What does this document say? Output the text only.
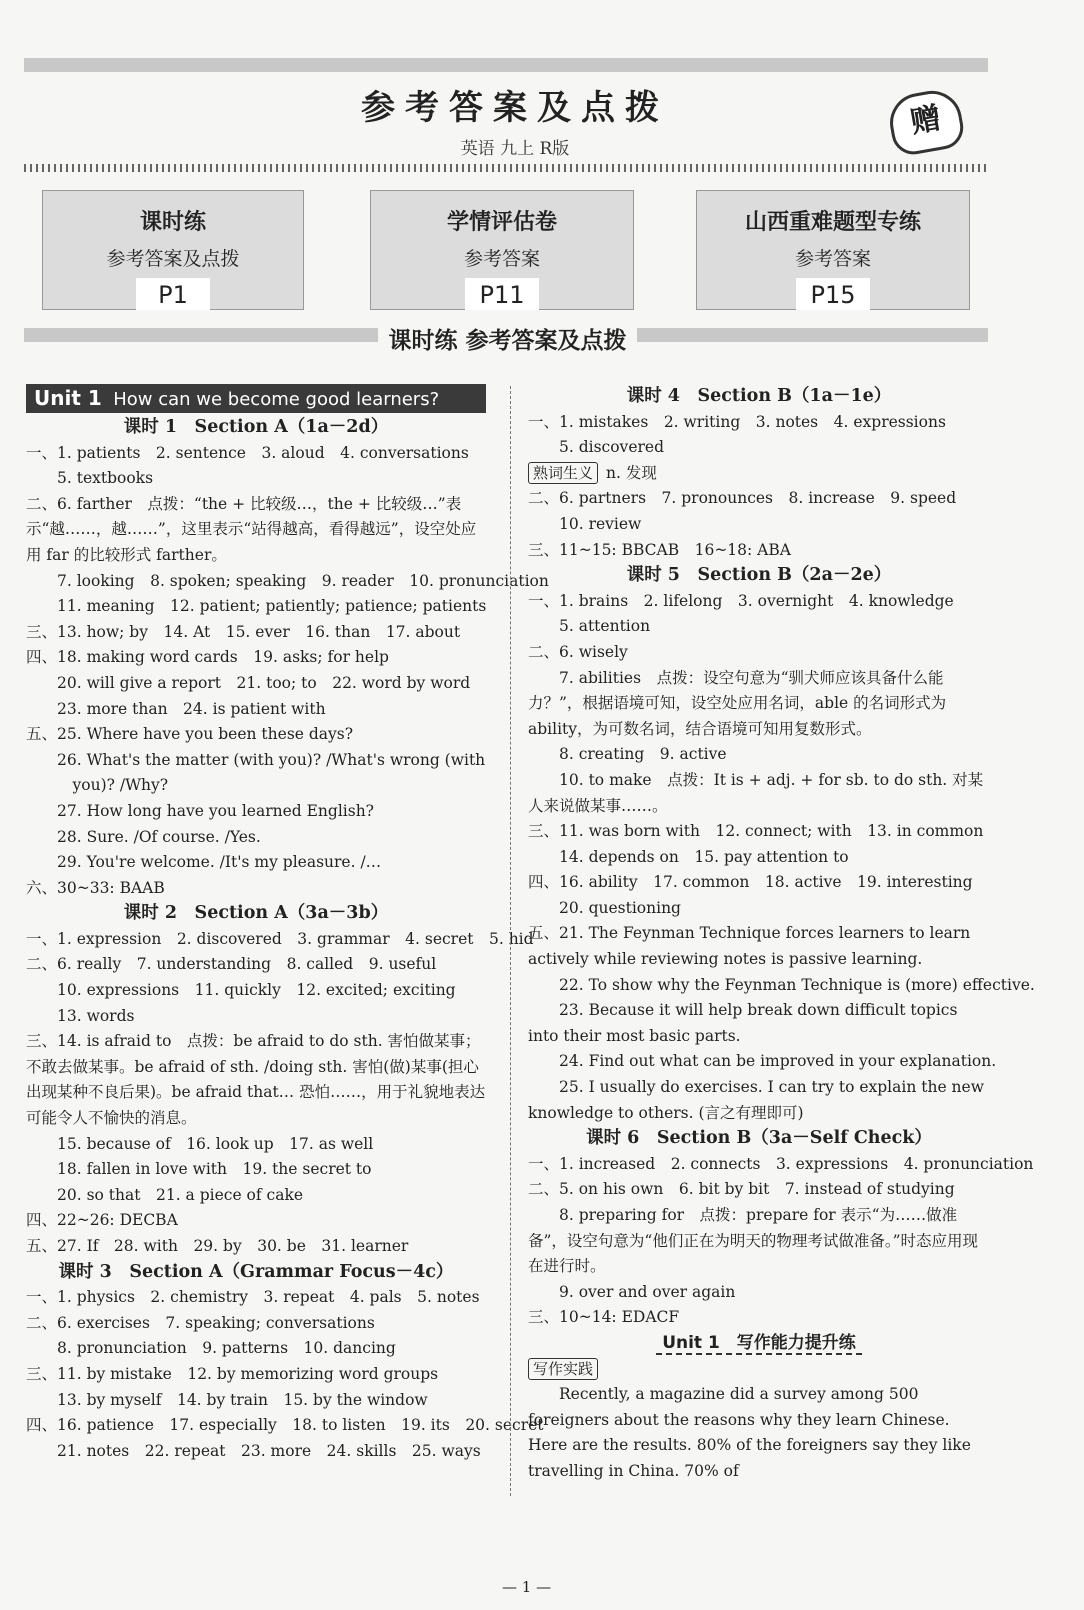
参考答案及点拨	赠
英语 九上 R版
课时练
参考答案及点拨
P1
学情评估卷
参考答案
P11
山西重难题型专练
参考答案
P15
课时练 参考答案及点拨
Unit 1 How can we become good learners?
课时 1　Section A（1a－2d）
一、1. patients　2. sentence　3. aloud　4. conversations
　　5. textbooks
二、6. farther　点拨：“the + 比较级…，the + 比较级…”表示“越……，越……”，这里表示“站得越高，看得越远”，设空处应用 far 的比较形式 farther。
　　7. looking　8. spoken; speaking　9. reader　10. pronunciation
　　11. meaning　12. patient; patiently; patience; patients
三、13. how; by　14. At　15. ever　16. than　17. about
四、18. making word cards　19. asks; for help
　　20. will give a report　21. too; to　22. word by word
　　23. more than　24. is patient with
五、25. Where have you been these days?
　　26. What's the matter (with you)? /What's wrong (with
　　　you)? /Why?
　　27. How long have you learned English?
　　28. Sure. /Of course. /Yes.
　　29. You're welcome. /It's my pleasure. /…
六、30~33: BAAB
课时 2　Section A（3a－3b）
一、1. expression　2. discovered　3. grammar　4. secret　5. hid
二、6. really　7. understanding　8. called　9. useful
　　10. expressions　11. quickly　12. excited; exciting
　　13. words
三、14. is afraid to　点拨：be afraid to do sth. 害怕做某事；不敢去做某事。be afraid of sth. /doing sth. 害怕(做)某事(担心出现某种不良后果)。be afraid that… 恐怕……，用于礼貌地表达可能令人不愉快的消息。
　　15. because of　16. look up　17. as well
　　18. fallen in love with　19. the secret to
　　20. so that　21. a piece of cake
四、22~26: DECBA
五、27. If　28. with　29. by　30. be　31. learner
课时 3　Section A（Grammar Focus－4c）
一、1. physics　2. chemistry　3. repeat　4. pals　5. notes
二、6. exercises　7. speaking; conversations
　　8. pronunciation　9. patterns　10. dancing
三、11. by mistake　12. by memorizing word groups
　　13. by myself　14. by train　15. by the window
四、16. patience　17. especially　18. to listen　19. its　20. secret
　　21. notes　22. repeat　23. more　24. skills　25. ways
课时 4　Section B（1a－1e）
一、1. mistakes　2. writing　3. notes　4. expressions
　　5. discovered
熟词生义 n. 发现
二、6. partners　7. pronounces　8. increase　9. speed
　　10. review
三、11~15: BBCAB　16~18: ABA
课时 5　Section B（2a－2e）
一、1. brains　2. lifelong　3. overnight　4. knowledge
　　5. attention
二、6. wisely
　　7. abilities　点拨：设空句意为“驯犬师应该具备什么能力？”，根据语境可知，设空处应用名词，able 的名词形式为 ability，为可数名词，结合语境可知用复数形式。
　　8. creating　9. active
　　10. to make　点拨：It is + adj. + for sb. to do sth. 对某人来说做某事……。
三、11. was born with　12. connect; with　13. in common
　　14. depends on　15. pay attention to
四、16. ability　17. common　18. active　19. interesting
　　20. questioning
五、21. The Feynman Technique forces learners to learn actively while reviewing notes is passive learning.
　　22. To show why the Feynman Technique is (more) effective.
　　23. Because it will help break down difficult topics into their most basic parts.
　　24. Find out what can be improved in your explanation.
　　25. I usually do exercises. I can try to explain the new knowledge to others. (言之有理即可)
课时 6　Section B（3a－Self Check）
一、1. increased　2. connects　3. expressions　4. pronunciation
二、5. on his own　6. bit by bit　7. instead of studying
　　8. preparing for　点拨：prepare for 表示“为……做准备”，设空句意为“他们正在为明天的物理考试做准备。”时态应用现在进行时。
　　9. over and over again
三、10~14: EDACF
Unit 1　写作能力提升练
写作实践
　　Recently, a magazine did a survey among 500 foreigners about the reasons why they learn Chinese. Here are the results. 80% of the foreigners say they like travelling in China. 70% of
— 1 —
